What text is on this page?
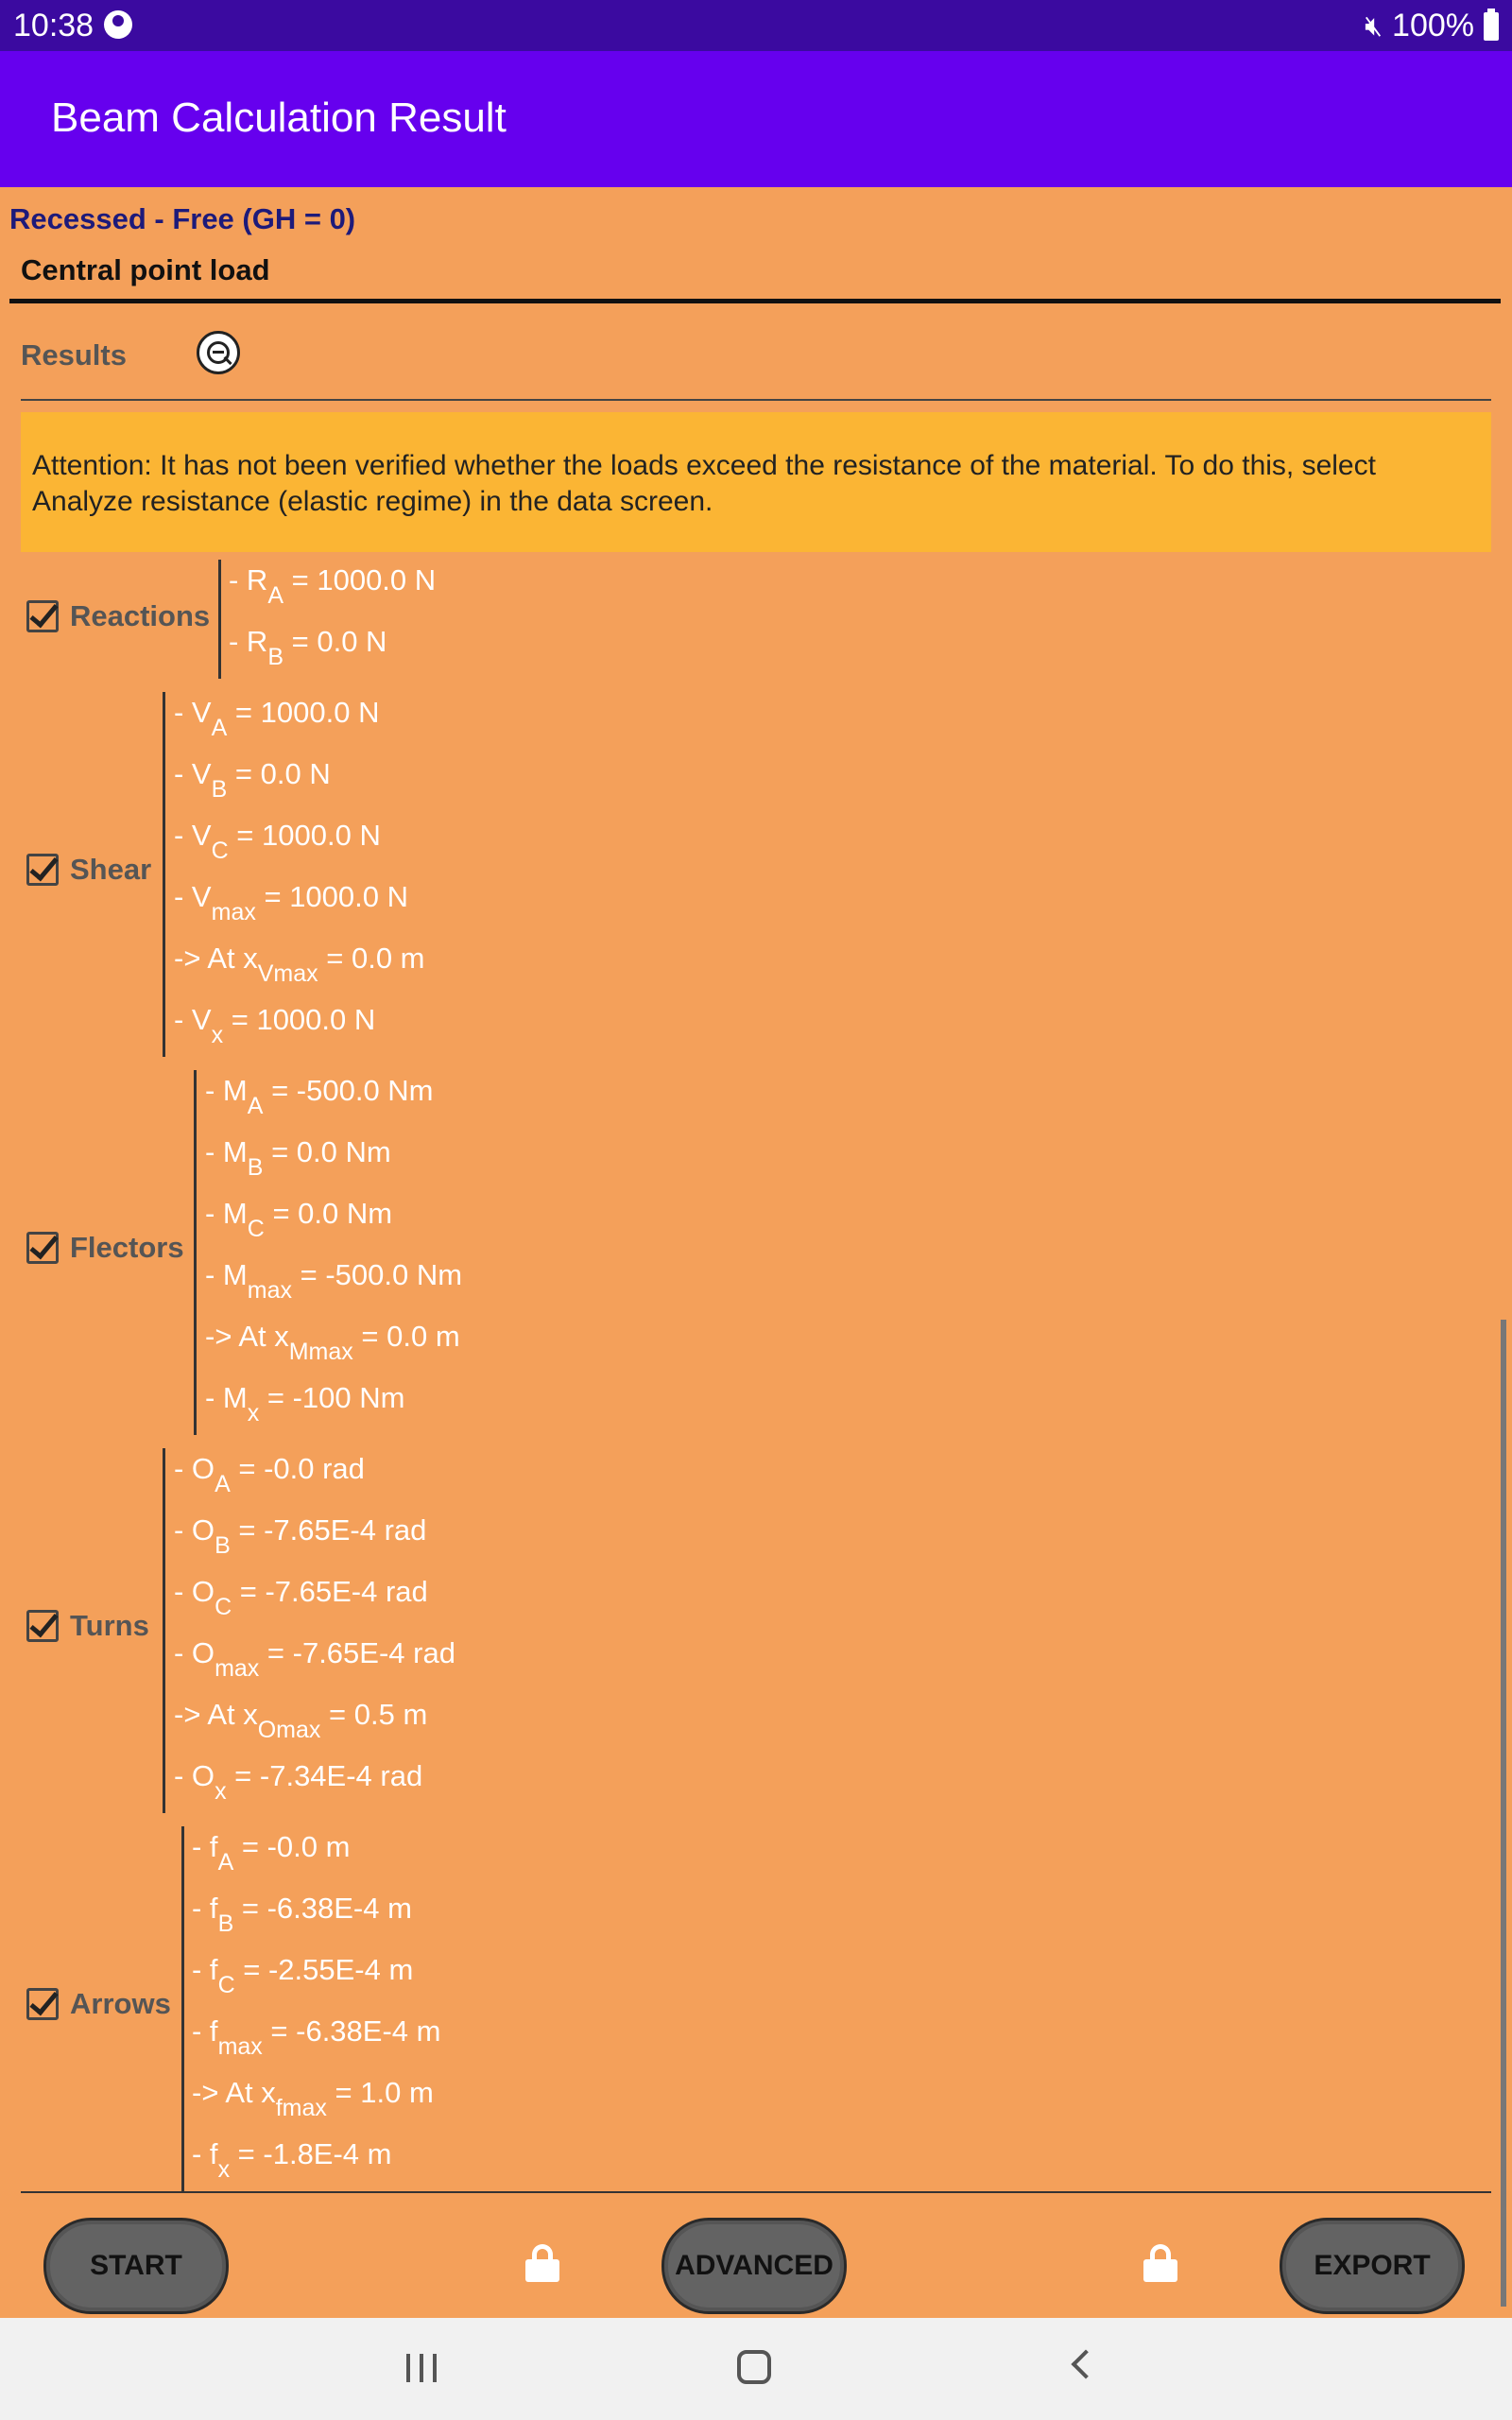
10:38	🔇︎ 100%
Beam Calculation Result
Recessed - Free (GH = 0)
Central point load
Results
Attention: It has not been verified whether the loads exceed the resistance of the material. To do this, select Analyze resistance (elastic regime) in the data screen.
Reactions
- $R_A = 1000.0$ N
- $R_B = 0.0$ N
Shear
- $V_A = 1000.0$ N
- $V_B = 0.0$ N
- $V_C = 1000.0$ N
- $V_{max} = 1000.0$ N
-> At $x_{Vmax} = 0.0$ m
- $V_x = 1000.0$ N
Flectors
- $M_A = -500.0$ Nm
- $M_B = 0.0$ Nm
- $M_C = 0.0$ Nm
- $M_{max} = -500.0$ Nm
-> At $x_{Mmax} = 0.0$ m
- $M_x = -100$ Nm
Turns
- $O_A = -0.0$ rad
- $O_B = -7.65E-4$ rad
- $O_C = -7.65E-4$ rad
- $O_{max} = -7.65E-4$ rad
-> At $x_{Omax} = 0.5$ m
- $O_x = -7.34E-4$ rad
Arrows
- $f_A = -0.0$ m
- $f_B = -6.38E-4$ m
- $f_C = -2.55E-4$ m
- $f_{max} = -6.38E-4$ m
-> At $x_{fmax} = 1.0$ m
- $f_x = -1.8E-4$ m
START	ADVANCED	EXPORT
